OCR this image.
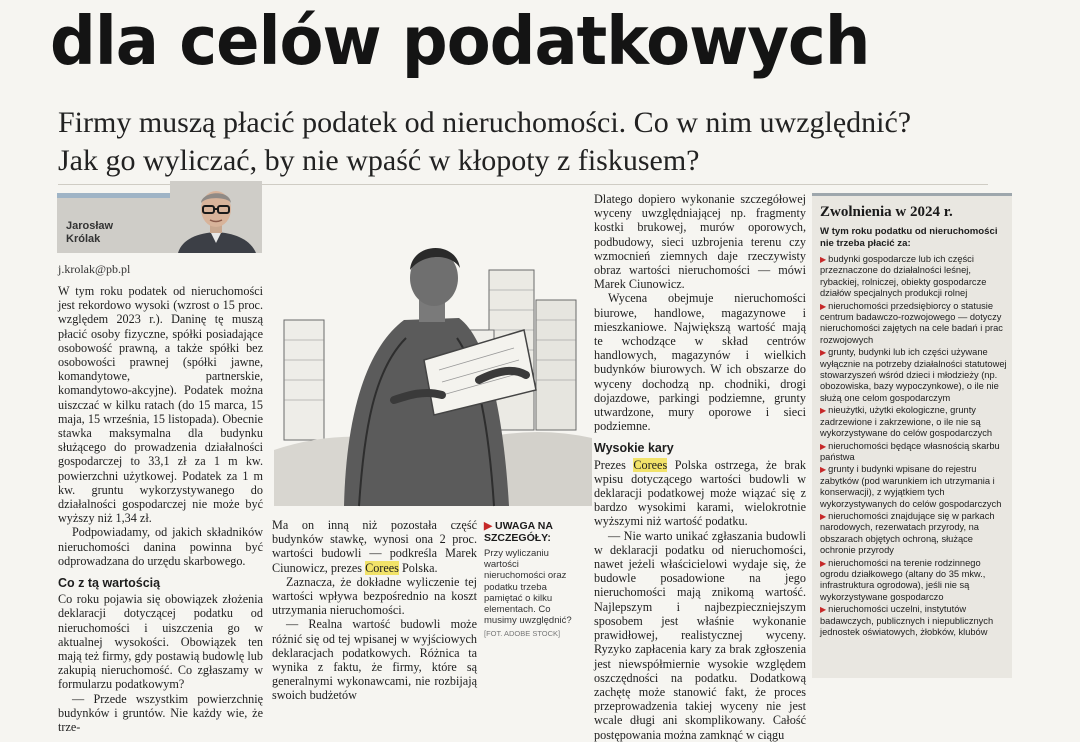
dla celów podatkowych
Firmy muszą płacić podatek od nieruchomości. Co w nim uwzględnić?
Jak go wyliczać, by nie wpaść w kłopoty z fiskusem?
Jarosław
Królak
j.krolak@pb.pl

W tym roku podatek od nieruchomości jest rekordowo wysoki (wzrost o 15 proc. względem 2023 r.). Daninę tę muszą płacić osoby fizyczne, spółki posiadające osobowość prawną, a także spółki bez osobowości prawnej (spółki jawne, komandytowe, partnerskie, komandytowo-akcyjne). Podatek można uiszczać w kilku ratach (do 15 marca, 15 maja, 15 września, 15 listopada). Obecnie stawka maksymalna dla budynku służącego do prowadzenia działalności gospodarczej to 33,1 zł za 1 m kw. powierzchni użytkowej. Podatek za 1 m kw. gruntu wykorzystywanego do działalności gospodarczej nie może być wyższy niż 1,34 zł.

Podpowiadamy, od jakich składników nieruchomości danina powinna być odprowadzana do urzędu skarbowego.

Co z tą wartością

Co roku pojawia się obowiązek złożenia deklaracji dotyczącej podatku od nieruchomości i uiszczenia go w aktualnej wysokości. Obowiązek ten mają też firmy, gdy postawią budowlę lub zakupią nieruchomość. Co zgłaszamy w formularzu podatkowym?

— Przede wszystkim powierzchnię budynków i gruntów. Nie każdy wie, że trze-

Ma on inną niż pozostała część budynków stawkę, wynosi ona 2 proc. wartości budowli — podkreśla Marek Ciunowicz, prezes Corees Polska.

Zaznacza, że dokładne wyliczenie tej wartości wpływa bezpośrednio na koszt utrzymania nieruchomości.

— Realna wartość budowli może różnić się od tej wpisanej w wyjściowych deklaracjach podatkowych. Różnica ta wynika z faktu, że firmy, które są generalnymi wykonawcami, nie rozbijają swoich budżetów

▶ UWAGA NA SZCZEGÓŁY:
Przy wyliczaniu wartości nieruchomości oraz podatku trzeba pamiętać o kilku elementach. Co musimy uwzględnić?
[FOT. ADOBE STOCK]

Dlatego dopiero wykonanie szczegółowej wyceny uwzględniającej np. fragmenty kostki brukowej, murów oporowych, podbudowy, sieci uzbrojenia terenu czy wzmocnień ziemnych daje rzeczywisty obraz wartości nieruchomości — mówi Marek Ciunowicz.

Wycena obejmuje nieruchomości biurowe, handlowe, magazynowe i mieszkaniowe. Największą wartość mają te wchodzące w skład centrów handlowych, magazynów i wielkich budynków biurowych. W ich obszarze do wyceny dochodzą np. chodniki, drogi dojazdowe, parkingi podziemne, grunty utwardzone, mury oporowe i sieci podziemne.

Wysokie kary

Prezes Corees Polska ostrzega, że brak wpisu dotyczącego wartości budowli w deklaracji podatkowej może wiązać się z bardzo wysokimi karami, wielokrotnie wyższymi niż wartość podatku.

— Nie warto unikać zgłaszania budowli w deklaracji podatku od nieruchomości, nawet jeżeli właścicielowi wydaje się, że budowle posadowione na jego nieruchomości mają znikomą wartość. Najlepszym i najbezpieczniejszym sposobem jest właśnie wykonanie prawidłowej, realistycznej wyceny. Ryzyko zapłacenia kary za brak zgłoszenia jest niewspółmiernie wysokie względem oszczędności na podatku. Dodatkową zachętę może stanowić fakt, że proces przeprowadzenia takiej wyceny nie jest wcale długi ani skomplikowany. Całość postępowania można zamknąć w ciągu

Zwolnienia w 2024 r.
W tym roku podatku od nieruchomości nie trzeba płacić za:
▶ budynki gospodarcze lub ich części przeznaczone do działalności leśnej, rybackiej, rolniczej, obiekty gospodarcze działów specjalnych produkcji rolnej
▶ nieruchomości przedsiębiorcy o statusie centrum badawczo-rozwojowego — dotyczy nieruchomości zajętych na cele badań i prac rozwojowych
▶ grunty, budynki lub ich części używane wyłącznie na potrzeby działalności statutowej stowarzyszeń wśród dzieci i młodzieży (np. obozowiska, bazy wypoczynkowe), o ile nie służą one celom gospodarczym
▶ nieużytki, użytki ekologiczne, grunty zadrzewione i zakrzewione, o ile nie są wykorzystywane do celów gospodarczych
▶ nieruchomości będące własnością skarbu państwa
▶ grunty i budynki wpisane do rejestru zabytków (pod warunkiem ich utrzymania i konserwacji), z wyjątkiem tych wykorzystywanych do celów gospodarczych
▶ nieruchomości znajdujące się w parkach narodowych, rezerwatach przyrody, na obszarach objętych ochroną, służące ochronie przyrody
▶ nieruchomości na terenie rodzinnego ogrodu działkowego (altany do 35 mkw., infrastruktura ogrodowa), jeśli nie są wykorzystywane gospodarczo
▶ nieruchomości uczelni, instytutów badawczych, publicznych i niepublicznych jednostek oświatowych, żłobków, klubów
